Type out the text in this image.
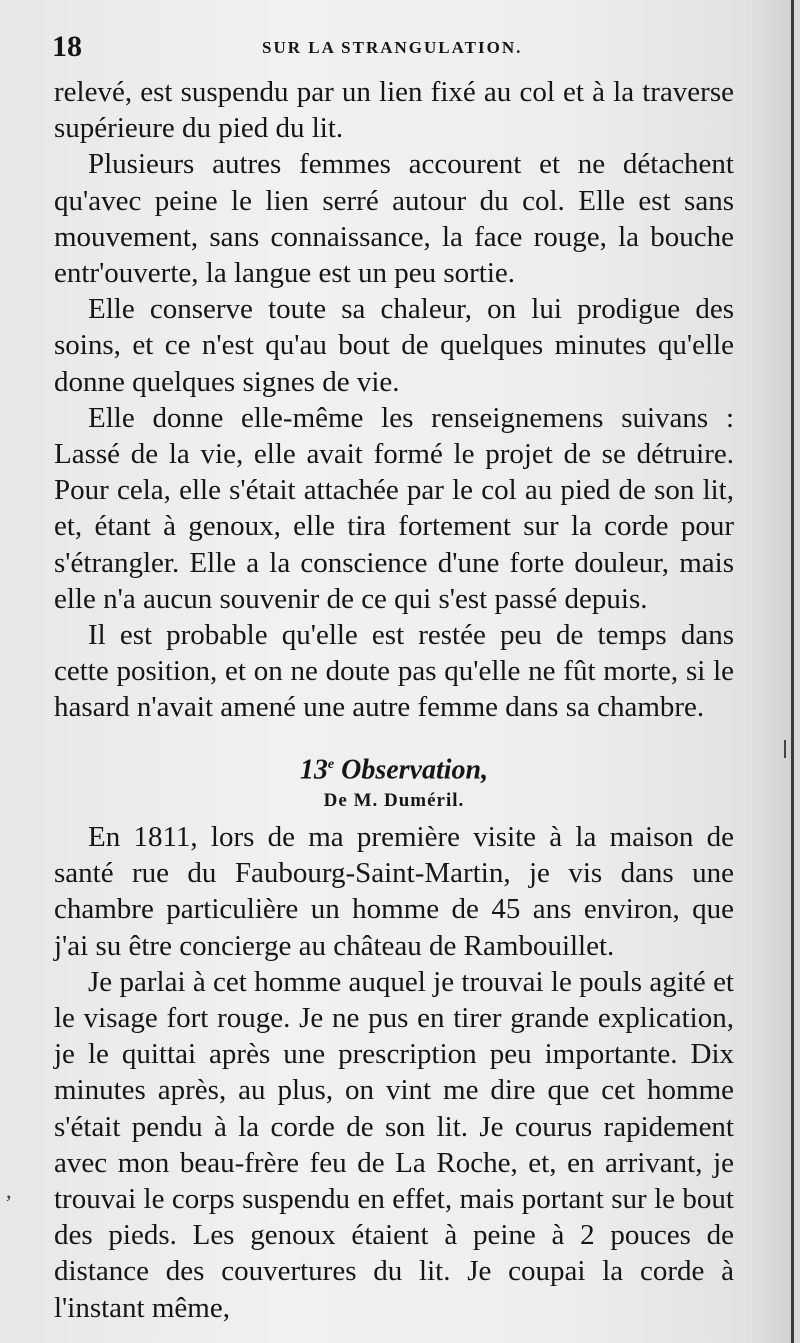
18	SUR LA STRANGULATION.

relevé, est suspendu par un lien fixé au col et à la traverse supérieure du pied du lit.

Plusieurs autres femmes accourent et ne détachent qu'avec peine le lien serré autour du col. Elle est sans mouvement, sans connaissance, la face rouge, la bouche entr'ouverte, la langue est un peu sortie.

Elle conserve toute sa chaleur, on lui prodigue des soins, et ce n'est qu'au bout de quelques minutes qu'elle donne quelques signes de vie.

Elle donne elle-même les renseignemens suivans : Lassé de la vie, elle avait formé le projet de se détruire. Pour cela, elle s'était attachée par le col au pied de son lit, et, étant à genoux, elle tira fortement sur la corde pour s'étrangler. Elle a la conscience d'une forte douleur, mais elle n'a aucun souvenir de ce qui s'est passé depuis.

Il est probable qu'elle est restée peu de temps dans cette position, et on ne doute pas qu'elle ne fût morte, si le hasard n'avait amené une autre femme dans sa chambre.

13e Observation,
De M. Duméril.

En 1811, lors de ma première visite à la maison de santé rue du Faubourg-Saint-Martin, je vis dans une chambre particulière un homme de 45 ans environ, que j'ai su être concierge au château de Rambouillet.

Je parlai à cet homme auquel je trouvai le pouls agité et le visage fort rouge. Je ne pus en tirer grande explication, je le quittai après une prescription peu importante. Dix minutes après, au plus, on vint me dire que cet homme s'était pendu à la corde de son lit. Je courus rapidement avec mon beau-frère feu de La Roche, et, en arrivant, je trouvai le corps suspendu en effet, mais portant sur le bout des pieds. Les genoux étaient à peine à 2 pouces de distance des couvertures du lit. Je coupai la corde à l'instant même,

,
